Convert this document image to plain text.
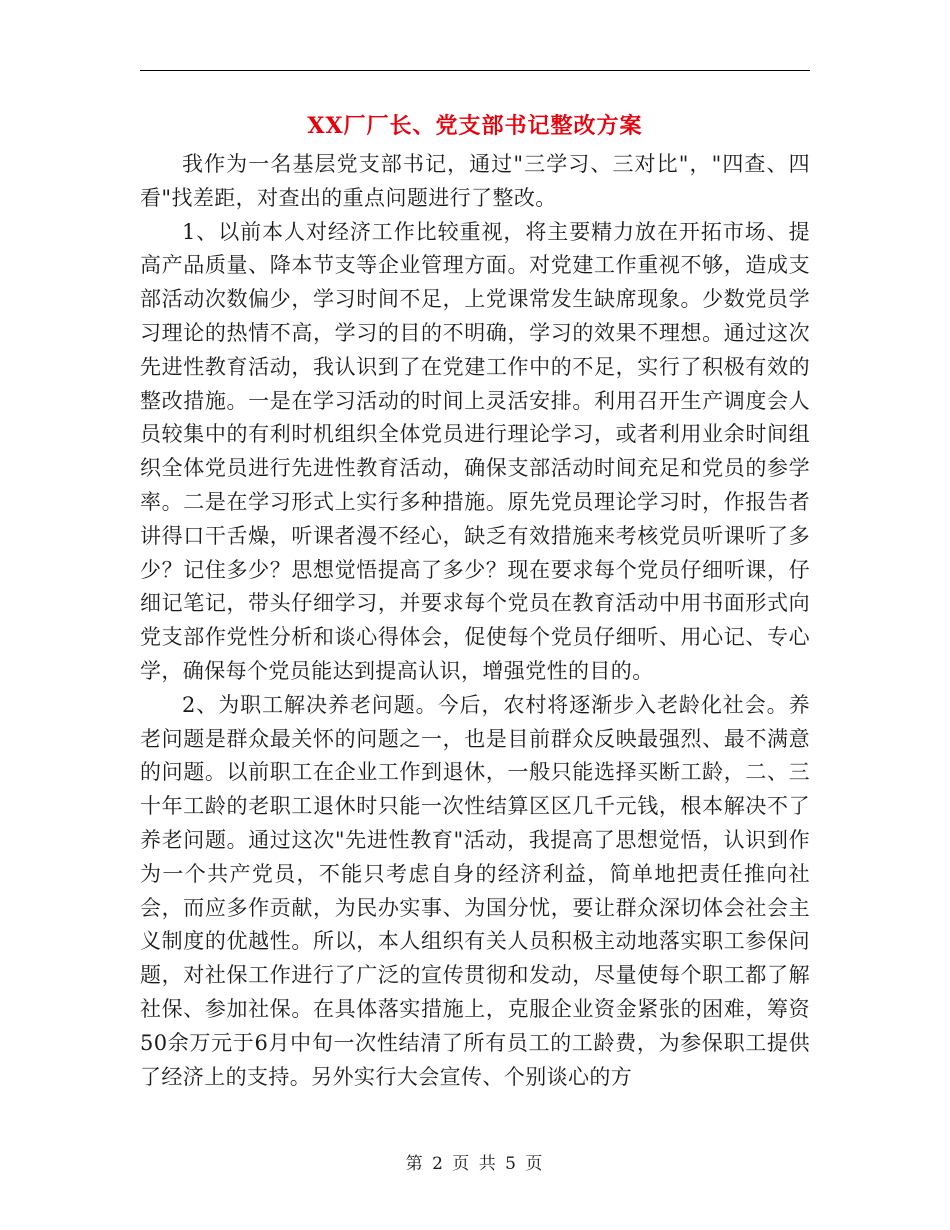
XX厂厂长、党支部书记整改方案

我作为一名基层党支部书记，通过"三学习、三对比"，"四查、四看"找差距，对查出的重点问题进行了整改。

1、以前本人对经济工作比较重视，将主要精力放在开拓市场、提高产品质量、降本节支等企业管理方面。对党建工作重视不够，造成支部活动次数偏少，学习时间不足，上党课常发生缺席现象。少数党员学习理论的热情不高，学习的目的不明确，学习的效果不理想。通过这次先进性教育活动，我认识到了在党建工作中的不足，实行了积极有效的整改措施。一是在学习活动的时间上灵活安排。利用召开生产调度会人员较集中的有利时机组织全体党员进行理论学习，或者利用业余时间组织全体党员进行先进性教育活动，确保支部活动时间充足和党员的参学率。二是在学习形式上实行多种措施。原先党员理论学习时，作报告者讲得口干舌燥，听课者漫不经心，缺乏有效措施来考核党员听课听了多少？记住多少？思想觉悟提高了多少？现在要求每个党员仔细听课，仔细记笔记，带头仔细学习，并要求每个党员在教育活动中用书面形式向党支部作党性分析和谈心得体会，促使每个党员仔细听、用心记、专心学，确保每个党员能达到提高认识，增强党性的目的。

2、为职工解决养老问题。今后，农村将逐渐步入老龄化社会。养老问题是群众最关怀的问题之一，也是目前群众反映最强烈、最不满意的问题。以前职工在企业工作到退休，一般只能选择买断工龄，二、三十年工龄的老职工退休时只能一次性结算区区几千元钱，根本解决不了养老问题。通过这次"先进性教育"活动，我提高了思想觉悟，认识到作为一个共产党员，不能只考虑自身的经济利益，简单地把责任推向社会，而应多作贡献，为民办实事、为国分忧，要让群众深切体会社会主义制度的优越性。所以，本人组织有关人员积极主动地落实职工参保问题，对社保工作进行了广泛的宣传贯彻和发动，尽量使每个职工都了解社保、参加社保。在具体落实措施上，克服企业资金紧张的困难，筹资50余万元于6月中旬一次性结清了所有员工的工龄费，为参保职工提供了经济上的支持。另外实行大会宣传、个别谈心的方

第 2 页 共 5 页
